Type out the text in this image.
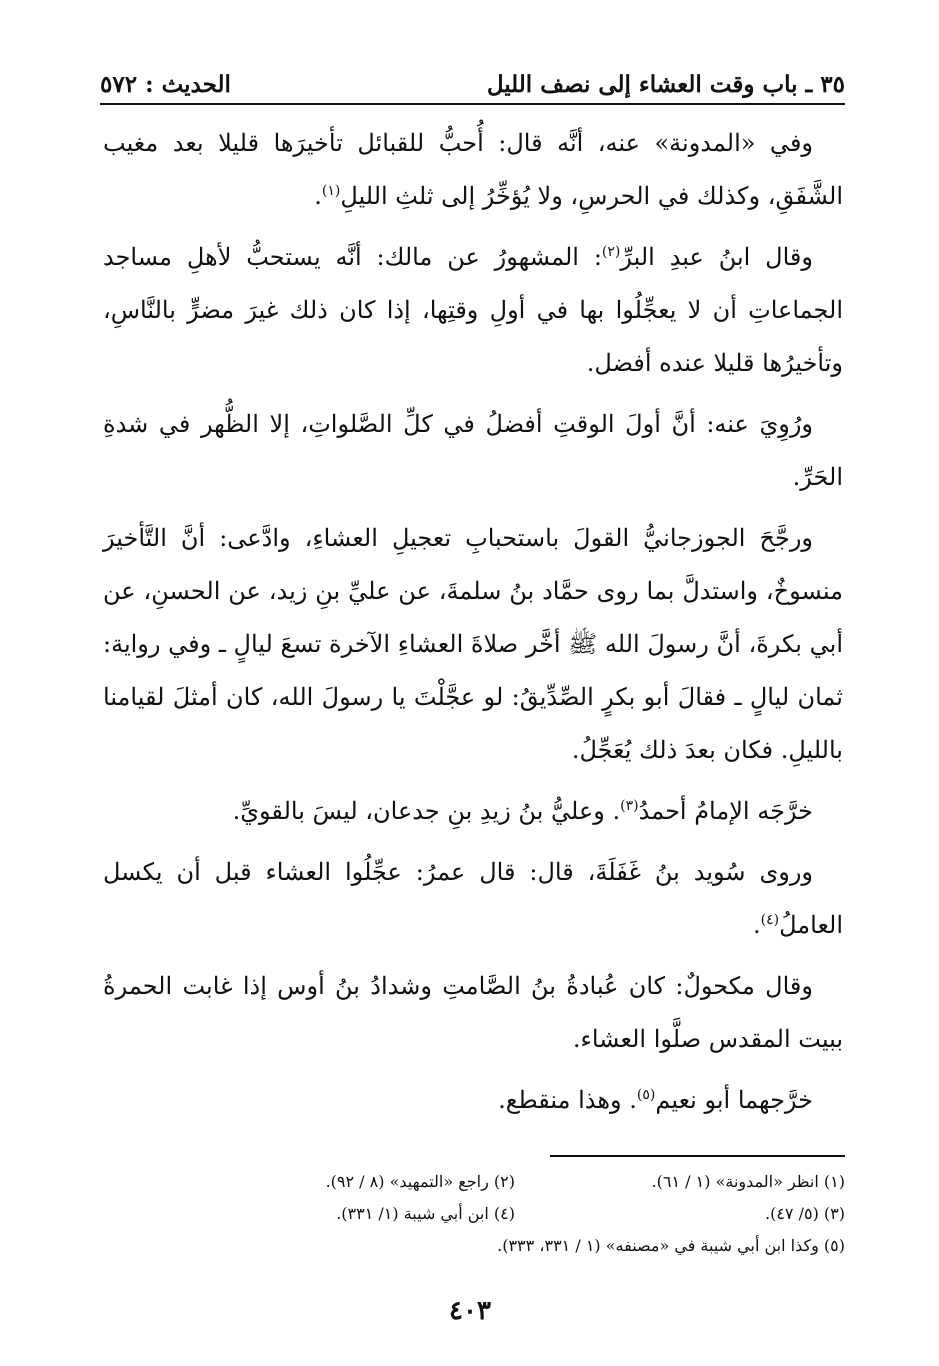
٣٥ ـ باب وقت العشاء إلى نصف الليل
الحديث : ٥٧٢

وفي «المدونة» عنه، أنَّه قال: أُحبُّ للقبائل تأخيرَها قليلا بعد مغيب الشَّفَقِ، وكذلك في الحرسِ، ولا يُؤخِّرُ إلى ثلثِ الليلِ$^{(١)}$.

وقال ابنُ عبدِ البرِّ$^{(٢)}$: المشهورُ عن مالك: أنَّه يستحبُّ لأهلِ مساجد الجماعاتِ أن لا يعجِّلُوا بها في أولِ وقتِها، إذا كان ذلك غيرَ مضرٍّ بالنَّاسِ، وتأخيرُها قليلا عنده أفضل.

ورُوِيَ عنه: أنَّ أولَ الوقتِ أفضلُ في كلِّ الصَّلواتِ، إلا الظُّهر في شدةِ الحَرِّ.

ورجَّحَ الجوزجانيُّ القولَ باستحبابِ تعجيلِ العشاءِ، وادَّعى: أنَّ التَّأخيرَ منسوخٌ، واستدلَّ بما روى حمَّاد بنُ سلمةَ، عن عليِّ بنِ زيد، عن الحسنِ، عن أبي بكرةَ، أنَّ رسولَ الله ﷺ أخَّر صلاةَ العشاءِ الآخرة تسعَ ليالٍ ـ وفي رواية: ثمان ليالٍ ـ فقالَ أبو بكرٍ الصِّدِّيقُ: لو عجَّلْتَ يا رسولَ الله، كان أمثلَ لقيامنا بالليلِ. فكان بعدَ ذلك يُعَجِّلُ.

خرَّجَه الإمامُ أحمدُ$^{(٣)}$. وعليُّ بنُ زيدِ بنِ جدعان، ليسَ بالقويِّ.

وروى سُويد بنُ غَفَلَةَ، قال: قال عمرُ: عجِّلُوا العشاء قبل أن يكسل العاملُ$^{(٤)}$.

وقال مكحولٌ: كان عُبادةُ بنُ الصَّامتِ وشدادُ بنُ أوس إذا غابت الحمرةُ ببيت المقدس صلَّوا العشاء.

خرَّجهما أبو نعيم$^{(٥)}$. وهذا منقطع.

(١) انظر «المدونة» (١ / ٦١).
(٢) راجع «التمهيد» (٨ / ٩٢).
(٣) (٥/ ٤٧).
(٤) ابن أبي شيبة (١/ ٣٣١).
(٥) وكذا ابن أبي شيبة في «مصنفه» (١ / ٣٣١، ٣٣٣).
٤٠٣
